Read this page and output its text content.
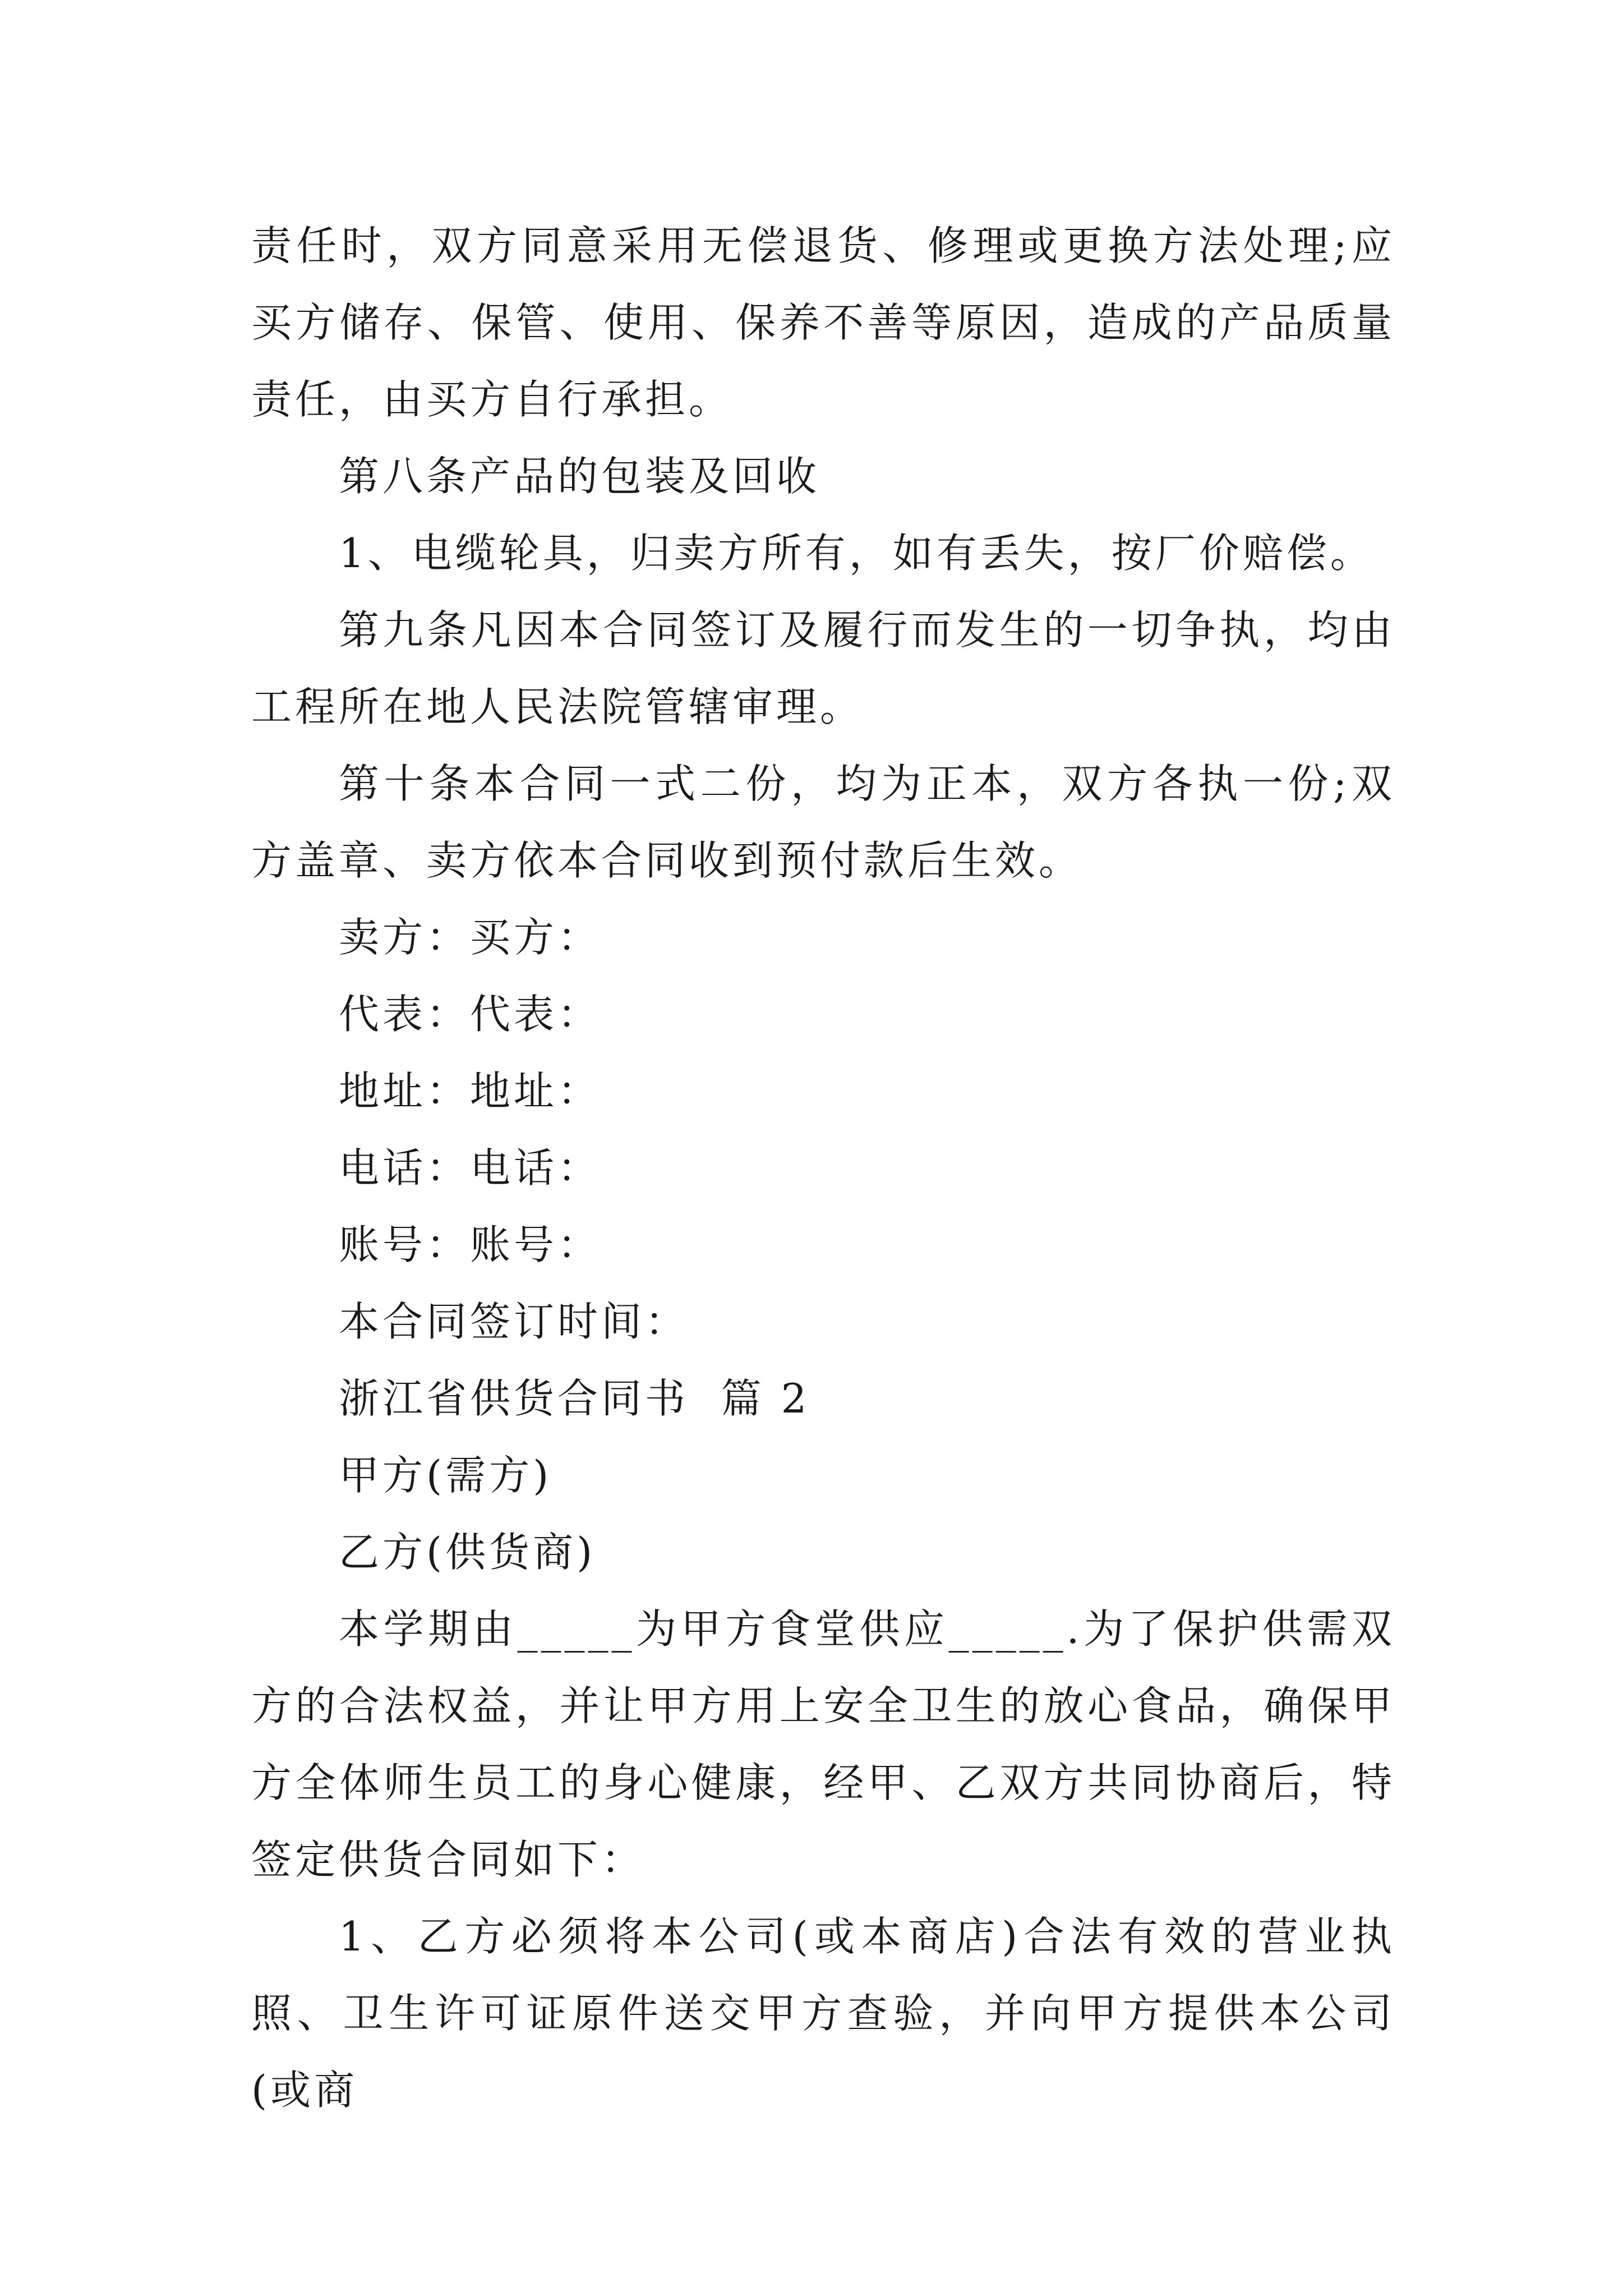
责任时，双方同意采用无偿退货、修理或更换方法处理;应买方储存、保管、使用、保养不善等原因，造成的产品质量责任，由买方自行承担。

第八条产品的包装及回收

1、电缆轮具，归卖方所有，如有丢失，按厂价赔偿。

第九条凡因本合同签订及履行而发生的一切争执，均由工程所在地人民法院管辖审理。

第十条本合同一式二份，均为正本，双方各执一份;双方盖章、卖方依本合同收到预付款后生效。

卖方：买方：

代表：代表：

地址：地址：

电话：电话：

账号：账号：

本合同签订时间：

浙江省供货合同书  篇 2

甲方(需方)

乙方(供货商)

本学期由_____为甲方食堂供应_____.为了保护供需双方的合法权益，并让甲方用上安全卫生的放心食品，确保甲方全体师生员工的身心健康，经甲、乙双方共同协商后，特签定供货合同如下：

1、乙方必须将本公司(或本商店)合法有效的营业执照、卫生许可证原件送交甲方查验，并向甲方提供本公司(或商
